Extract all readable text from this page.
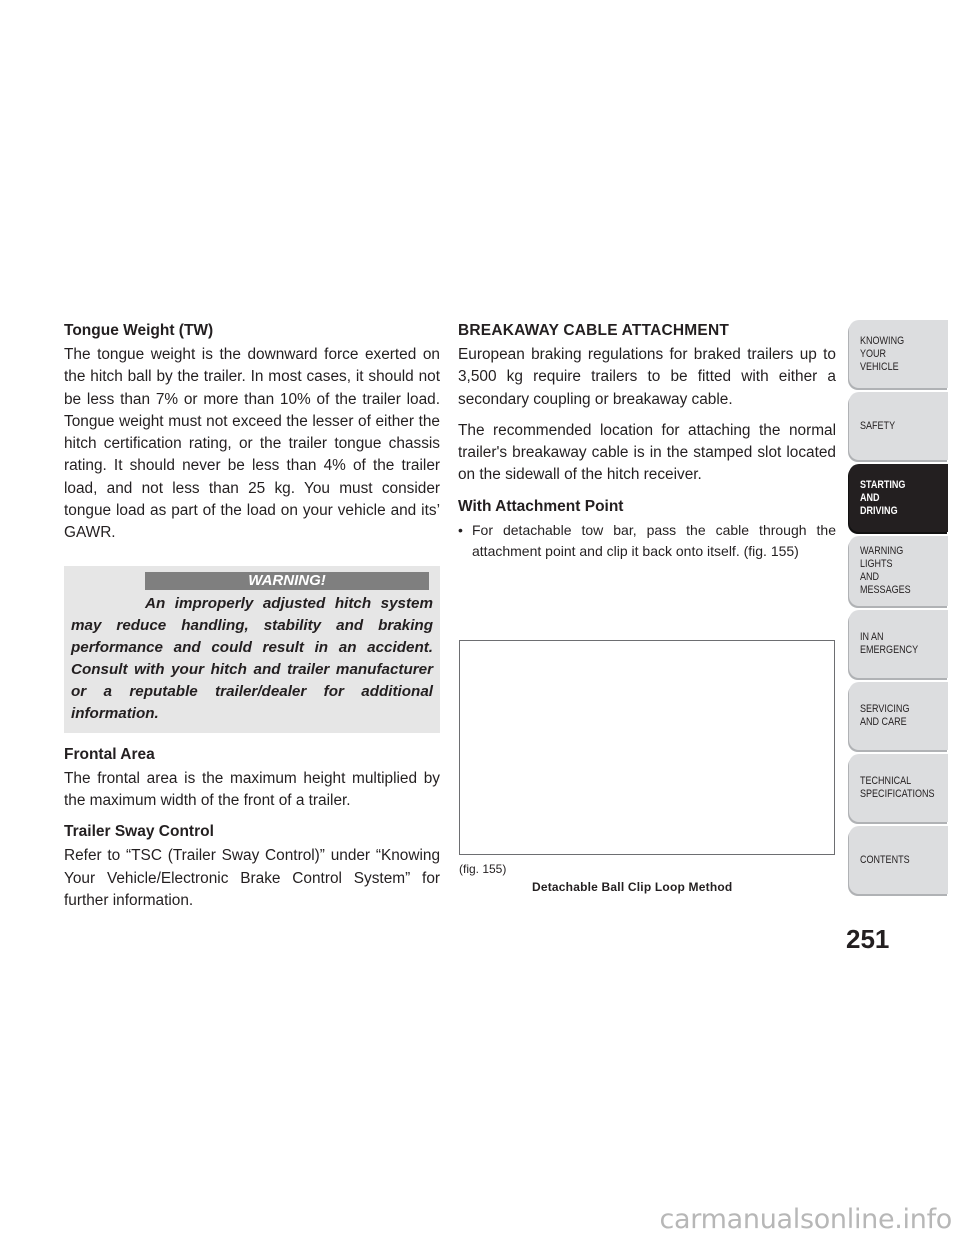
Tongue Weight (TW)

The tongue weight is the downward force exerted on the hitch ball by the trailer. In most cases, it should not be less than 7% or more than 10% of the trailer load. Tongue weight must not exceed the lesser of either the hitch certification rating, or the trailer tongue chassis rating. It should never be less than 4% of the trailer load, and not less than 25 kg. You must consider tongue load as part of the load on your vehicle and its’ GAWR.

WARNING!
An improperly adjusted hitch system may reduce handling, stability and braking performance and could result in an accident. Consult with your hitch and trailer manufacturer or a reputable trailer/dealer for additional information.
Frontal Area

The frontal area is the maximum height multiplied by the maximum width of the front of a trailer.

Trailer Sway Control

Refer to “TSC (Trailer Sway Control)” under “Knowing Your Vehicle/Electronic Brake Control System” for further information.

BREAKAWAY CABLE ATTACHMENT

European braking regulations for braked trailers up to 3,500 kg require trailers to be fitted with either a secondary coupling or breakaway cable.

The recommended location for attaching the normal trailer's breakaway cable is in the stamped slot located on the sidewall of the hitch receiver.

With Attachment Point
• For detachable tow bar, pass the cable through the attachment point and clip it back onto itself. (fig. 155)
(fig. 155)
Detachable Ball Clip Loop Method
KNOWING
YOUR
VEHICLE
SAFETY
STARTING
AND
DRIVING
WARNING
LIGHTS
AND
MESSAGES
IN AN
EMERGENCY
SERVICING
AND CARE
TECHNICAL
SPECIFICATIONS
CONTENTS
251
carmanualsonline.info
